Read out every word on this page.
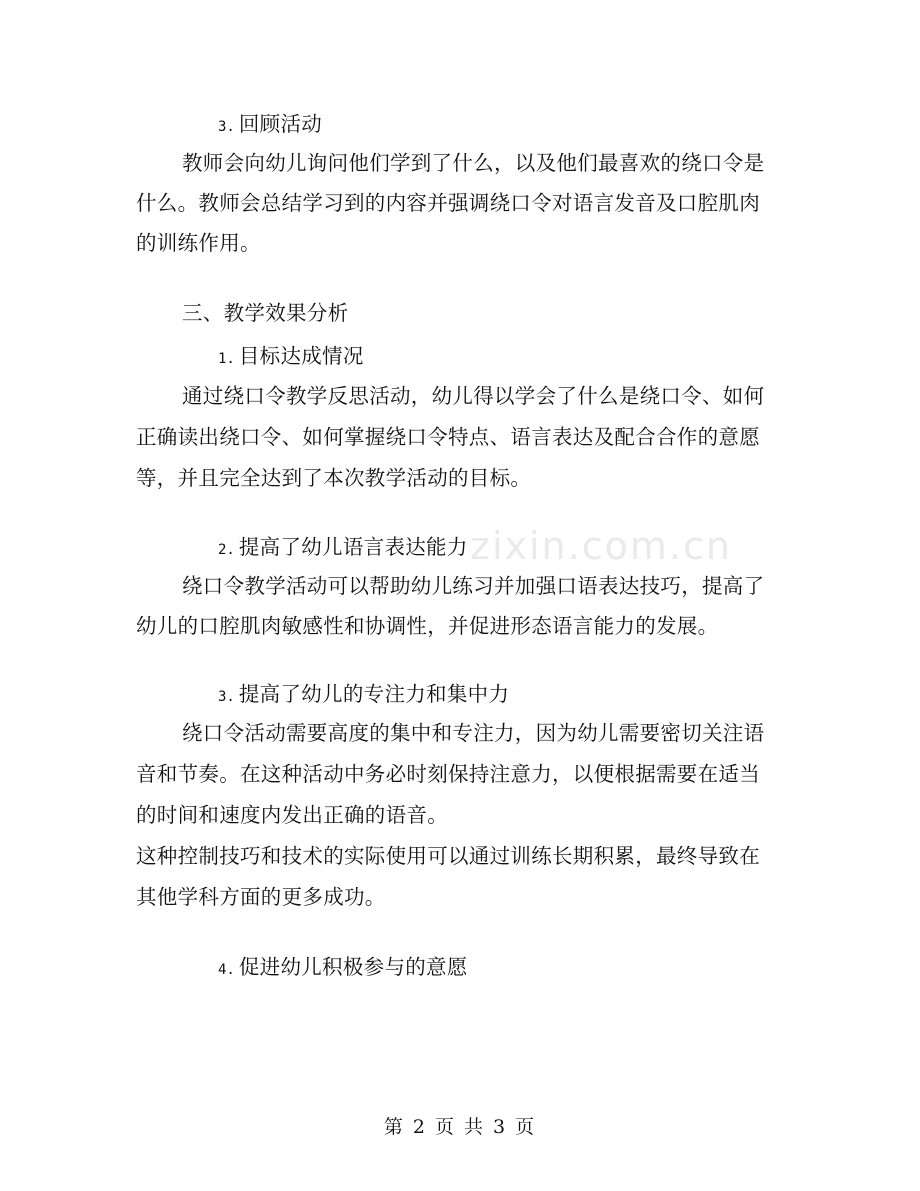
zixin.com.cn
3. 回顾活动
教师会向幼儿询问他们学到了什么，以及他们最喜欢的绕口令是
什么。教师会总结学习到的内容并强调绕口令对语言发音及口腔肌肉
的训练作用。
三、教学效果分析
1. 目标达成情况
通过绕口令教学反思活动，幼儿得以学会了什么是绕口令、如何
正确读出绕口令、如何掌握绕口令特点、语言表达及配合合作的意愿
等，并且完全达到了本次教学活动的目标。
2. 提高了幼儿语言表达能力
绕口令教学活动可以帮助幼儿练习并加强口语表达技巧，提高了
幼儿的口腔肌肉敏感性和协调性，并促进形态语言能力的发展。
3. 提高了幼儿的专注力和集中力
绕口令活动需要高度的集中和专注力，因为幼儿需要密切关注语
音和节奏。在这种活动中务必时刻保持注意力，以便根据需要在适当
的时间和速度内发出正确的语音。
这种控制技巧和技术的实际使用可以通过训练长期积累，最终导致在
其他学科方面的更多成功。
4. 促进幼儿积极参与的意愿
第 2 页 共 3 页
